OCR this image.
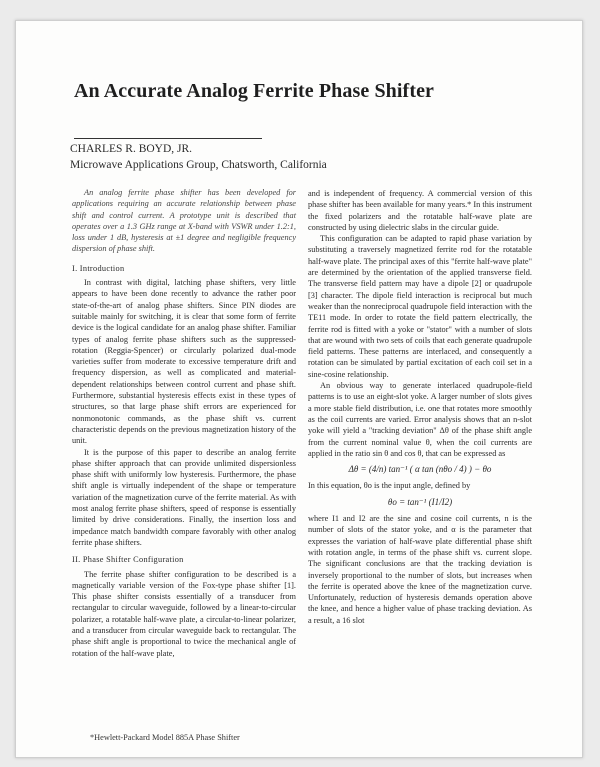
An Accurate Analog Ferrite Phase Shifter
CHARLES R. BOYD, JR.
Microwave Applications Group, Chatsworth, California

An analog ferrite phase shifter has been developed for applications requiring an accurate relationship between phase shift and control current. A prototype unit is described that operates over a 1.3 GHz range at X-band with VSWR under 1.2:1, loss under 1 dB, hysteresis at ±1 degree and negligible frequency dispersion of phase shift.

I. Introduction

In contrast with digital, latching phase shifters, very little appears to have been done recently to advance the rather poor state-of-the-art of analog phase shifters. Since PIN diodes are suitable mainly for switching, it is clear that some form of ferrite device is the logical candidate for an analog phase shifter. Familiar types of analog ferrite phase shifters such as the suppressed-rotation (Reggia-Spencer) or circularly polarized dual-mode varieties suffer from moderate to excessive temperature drift and frequency dispersion, as well as complicated and material-dependent relationships between control current and phase shift. Furthermore, substantial hysteresis effects exist in these types of structures, so that large phase shift errors are experienced for nonmonotonic commands, as the phase shift vs. current characteristic depends on the previous magnetization history of the unit.

It is the purpose of this paper to describe an analog ferrite phase shifter approach that can provide unlimited dispersionless phase shift with uniformly low hysteresis. Furthermore, the phase shift angle is virtually independent of the shape or temperature variation of the magnetization curve of the ferrite material. As with most analog ferrite phase shifters, speed of response is essentially limited by drive considerations. Finally, the insertion loss and impedance match bandwidth compare favorably with other analog ferrite phase shifters.

II. Phase Shifter Configuration

The ferrite phase shifter configuration to be described is a magnetically variable version of the Fox-type phase shifter [1]. This phase shifter consists essentially of a transducer from rectangular to circular waveguide, followed by a linear-to-circular polarizer, a rotatable half-wave plate, a circular-to-linear polarizer, and a transducer from circular waveguide back to rectangular. The phase shift angle is proportional to twice the mechanical angle of rotation of the half-wave plate,

and is independent of frequency. A commercial version of this phase shifter has been available for many years.* In this instrument the fixed polarizers and the rotatable half-wave plate are constructed by using dielectric slabs in the circular guide.

This configuration can be adapted to rapid phase variation by substituting a traversely magnetized ferrite rod for the rotatable half-wave plate. The principal axes of this "ferrite half-wave plate" are determined by the orientation of the applied transverse field. The transverse field pattern may have a dipole [2] or quadrupole [3] character. The dipole field interaction is reciprocal but much weaker than the nonreciprocal quadrupole field interaction with the TE11 mode. In order to rotate the field pattern electrically, the ferrite rod is fitted with a yoke or "stator" with a number of slots that are wound with two sets of coils that each generate quadrupole field patterns. These patterns are interlaced, and consequently a rotation can be simulated by partial excitation of each coil set in a sine-cosine relationship.

An obvious way to generate interlaced quadrupole-field patterns is to use an eight-slot yoke. A larger number of slots gives a more stable field distribution, i.e. one that rotates more smoothly as the coil currents are varied. Error analysis shows that an n-slot yoke will yield a "tracking deviation" Δθ of the phase shift angle from the current nominal value θ, when the coil currents are applied in the ratio sin θ and cos θ, that can be expressed as

Δθ = (4/n) tan⁻¹ ( α tan (nθo / 4) ) − θo

In this equation, θo is the input angle, defined by

θo = tan⁻¹ (I1/I2)

where I1 and I2 are the sine and cosine coil currents, n is the number of slots of the stator yoke, and α is the parameter that expresses the variation of half-wave plate differential phase shift with rotation angle, in terms of the phase shift vs. current slope. The significant conclusions are that the tracking deviation is inversely proportional to the number of slots, but increases when the ferrite is operated above the knee of the magnetization curve. Unfortunately, reduction of hysteresis demands operation above the knee, and hence a higher value of phase tracking deviation. As a result, a 16 slot

*Hewlett-Packard Model 885A Phase Shifter
